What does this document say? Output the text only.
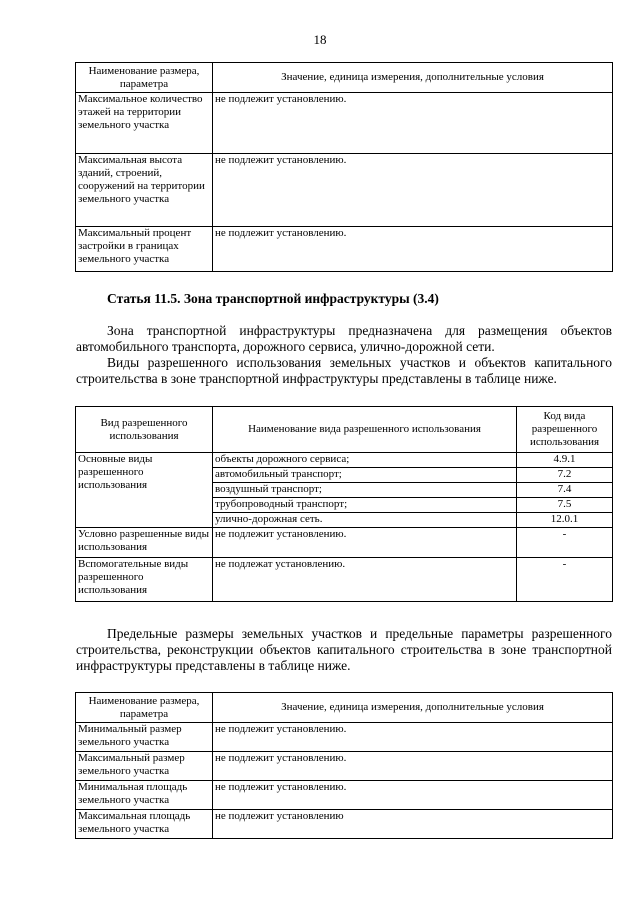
18
Наименование размера, параметра	Значение, единица измерения, дополнительные условия
Максимальное количество этажей на территории земельного участка	не подлежит установлению.
Максимальная высота зданий, строений, сооружений на территории земельного участка	не подлежит установлению.
Максимальный процент застройки в границах земельного участка	не подлежит установлению.
Статья 11.5. Зона транспортной инфраструктуры (3.4)

Зона транспортной инфраструктуры предназначена для размещения объектов автомобильного транспорта, дорожного сервиса, улично-дорожной сети.

Виды разрешенного использования земельных участков и объектов капитального строительства в зоне транспортной инфраструктуры представлены в таблице ниже.

Вид разрешенного использования	Наименование вида разрешенного использования	Код вида разрешенного использования
Основные виды разрешенного использования	объекты дорожного сервиса;	4.9.1
	автомобильный транспорт;	7.2
	воздушный транспорт;	7.4
	трубопроводный транспорт;	7.5
	улично-дорожная сеть.	12.0.1
Условно разрешенные виды использования	не подлежит установлению.	-
Вспомогательные виды разрешенного использования	не подлежат установлению.	-

Предельные размеры земельных участков и предельные параметры разрешенного строительства, реконструкции объектов капитального строительства в зоне транспортной инфраструктуры представлены в таблице ниже.

Наименование размера, параметра	Значение, единица измерения, дополнительные условия
Минимальный размер земельного участка	не подлежит установлению.
Максимальный размер земельного участка	не подлежит установлению.
Минимальная площадь земельного участка	не подлежит установлению.
Максимальная площадь земельного участка	не подлежит установлению
